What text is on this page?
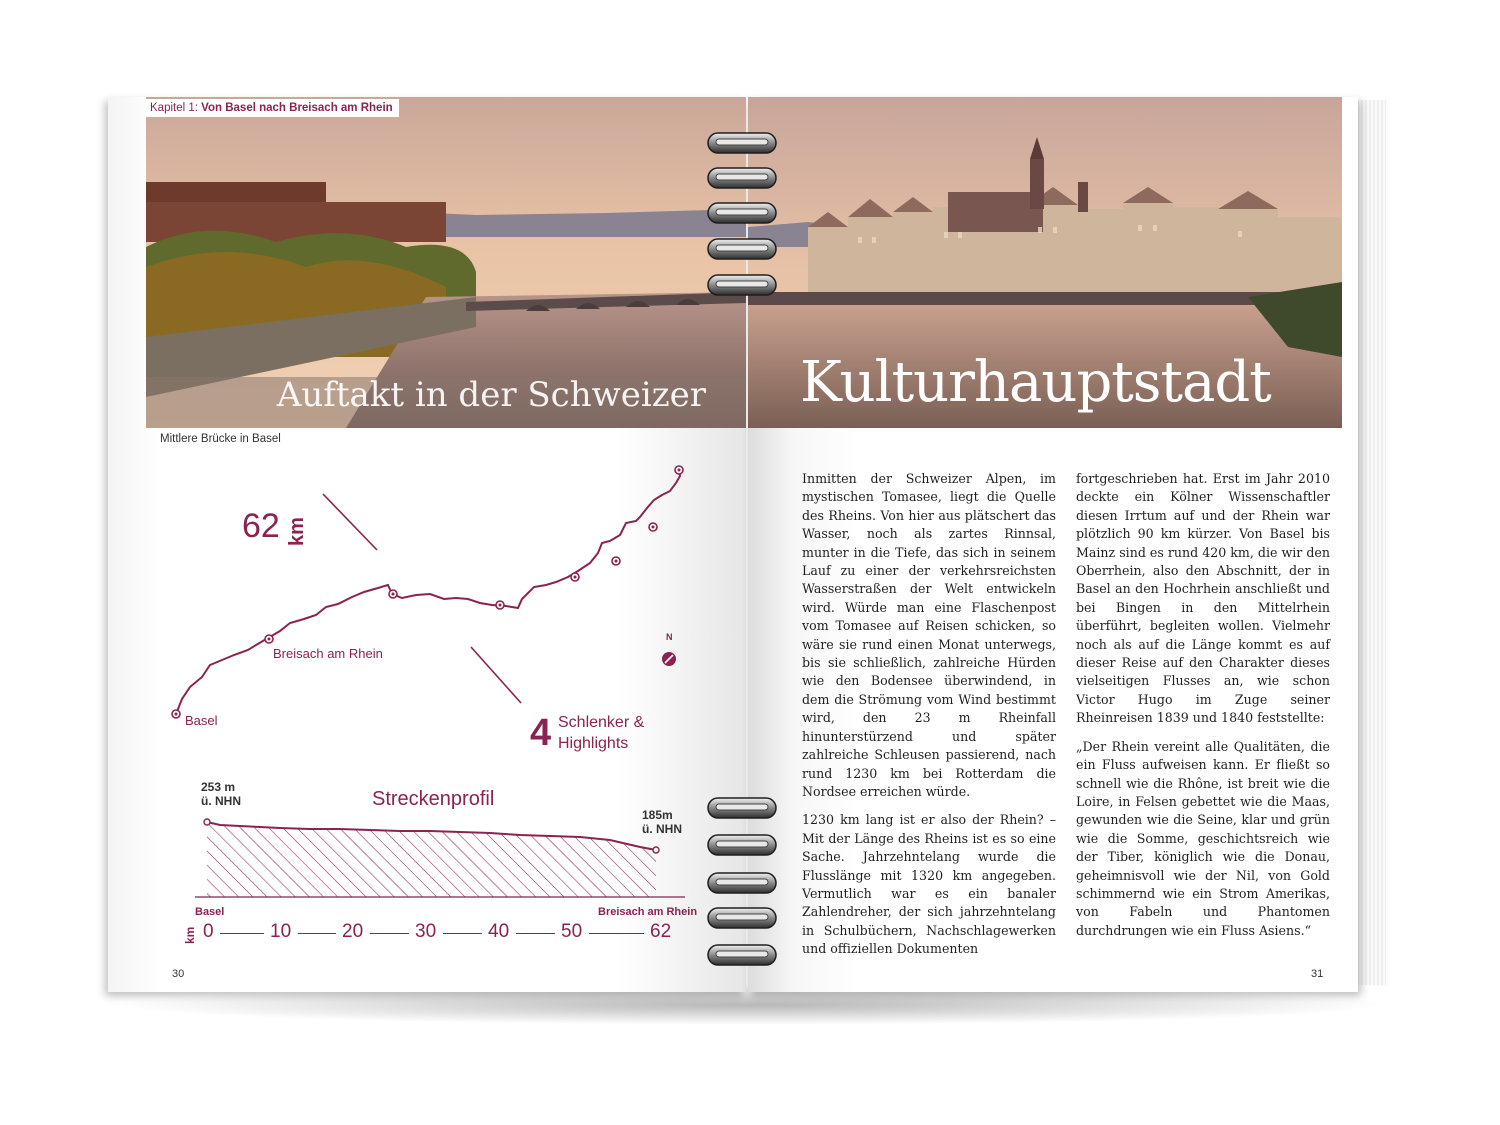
Kapitel 1: Von Basel nach Breisach am Rhein
Auftakt in der Schweizer Kulturhauptstadt
Mittlere Brücke in Basel
62 km
Breisach am Rhein
Basel
N
4 Schlenker &
Highlights
Streckenprofil
253 m
ü. NHN
185m
ü. NHN
Basel	Breisach am Rhein
km 0	10	20	30	40	50	62
30	31

Inmitten der Schweizer Alpen, im mystischen Tomasee, liegt die Quelle des Rheins. Von hier aus plätschert das Wasser, noch als zartes Rinnsal, munter in die Tiefe, das sich in seinem Lauf zu einer der verkehrsreichsten Wasserstraßen der Welt entwickeln wird. Würde man eine Flaschenpost vom Tomasee auf Reisen schicken, so wäre sie rund einen Monat unterwegs, bis sie schließlich, zahlreiche Hürden wie den Bodensee überwindend, in dem die Strömung vom Wind bestimmt wird, den 23 m Rheinfall hinunterstürzend und später zahlreiche Schleusen passierend, nach rund 1230 km bei Rotterdam die Nordsee erreichen würde.

1230 km lang ist er also der Rhein? – Mit der Länge des Rheins ist es so eine Sache. Jahrzehntelang wurde die Flusslänge mit 1320 km angegeben. Vermutlich war es ein banaler Zahlendreher, der sich jahrzehntelang in Schulbüchern, Nachschlagewerken und offiziellen Dokumenten

fortgeschrieben hat. Erst im Jahr 2010 deckte ein Kölner Wissenschaftler diesen Irrtum auf und der Rhein war plötzlich 90 km kürzer. Von Basel bis Mainz sind es rund 420 km, die wir den Oberrhein, also den Abschnitt, der in Basel an den Hochrhein anschließt und bei Bingen in den Mittelrhein überführt, begleiten wollen. Vielmehr noch als auf die Länge kommt es auf dieser Reise auf den Charakter dieses vielseitigen Flusses an, wie schon Victor Hugo im Zuge seiner Rheinreisen 1839 und 1840 feststellte:

„Der Rhein vereint alle Qualitäten, die ein Fluss aufweisen kann. Er fließt so schnell wie die Rhône, ist breit wie die Loire, in Felsen gebettet wie die Maas, gewunden wie die Seine, klar und grün wie die Somme, geschichtsreich wie der Tiber, königlich wie die Donau, geheimnisvoll wie der Nil, von Gold schimmernd wie ein Strom Amerikas, von Fabeln und Phantomen durchdrungen wie ein Fluss Asiens.“
